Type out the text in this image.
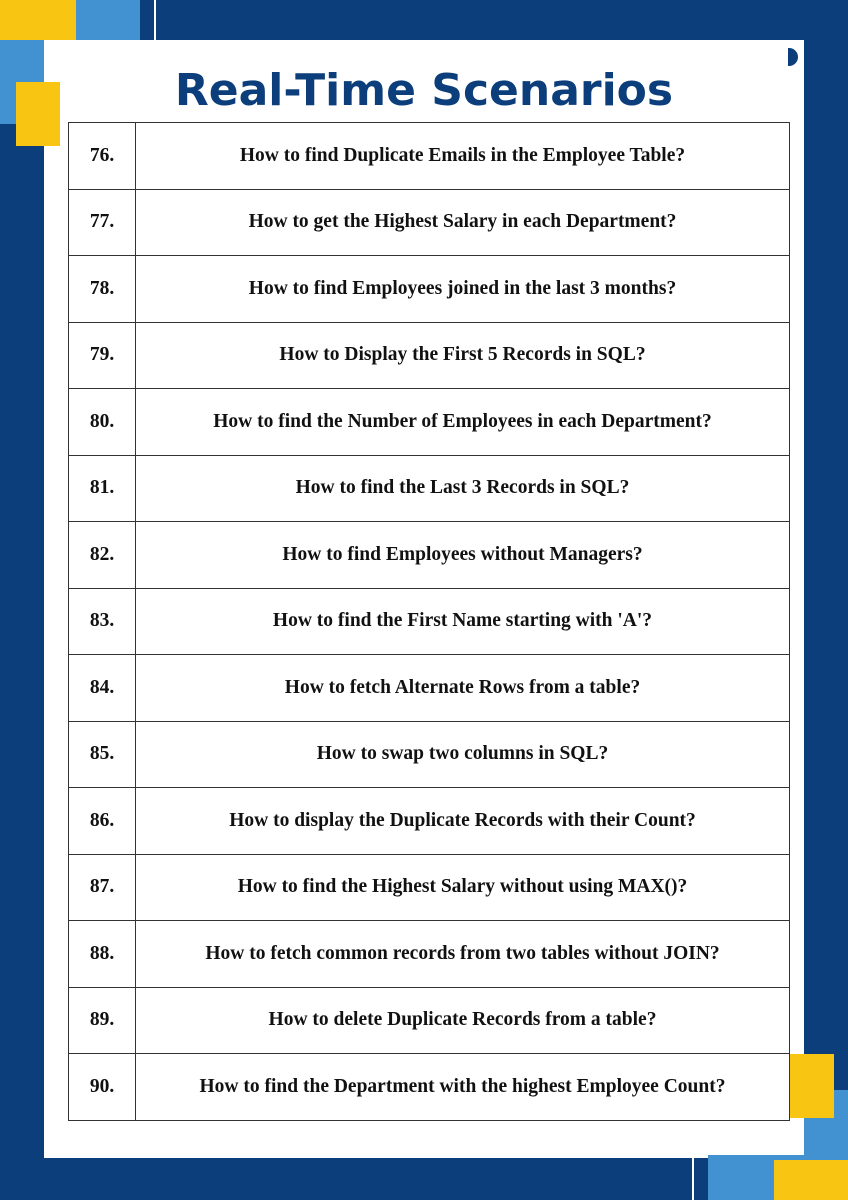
Real-Time Scenarios
76.	How to find Duplicate Emails in the Employee Table?
77.	How to get the Highest Salary in each Department?
78.	How to find Employees joined in the last 3 months?
79.	How to Display the First 5 Records in SQL?
80.	How to find the Number of Employees in each Department?
81.	How to find the Last 3 Records in SQL?
82.	How to find Employees without Managers?
83.	How to find the First Name starting with 'A'?
84.	How to fetch Alternate Rows from a table?
85.	How to swap two columns in SQL?
86.	How to display the Duplicate Records with their Count?
87.	How to find the Highest Salary without using MAX()?
88.	How to fetch common records from two tables without JOIN?
89.	How to delete Duplicate Records from a table?
90.	How to find the Department with the highest Employee Count?
